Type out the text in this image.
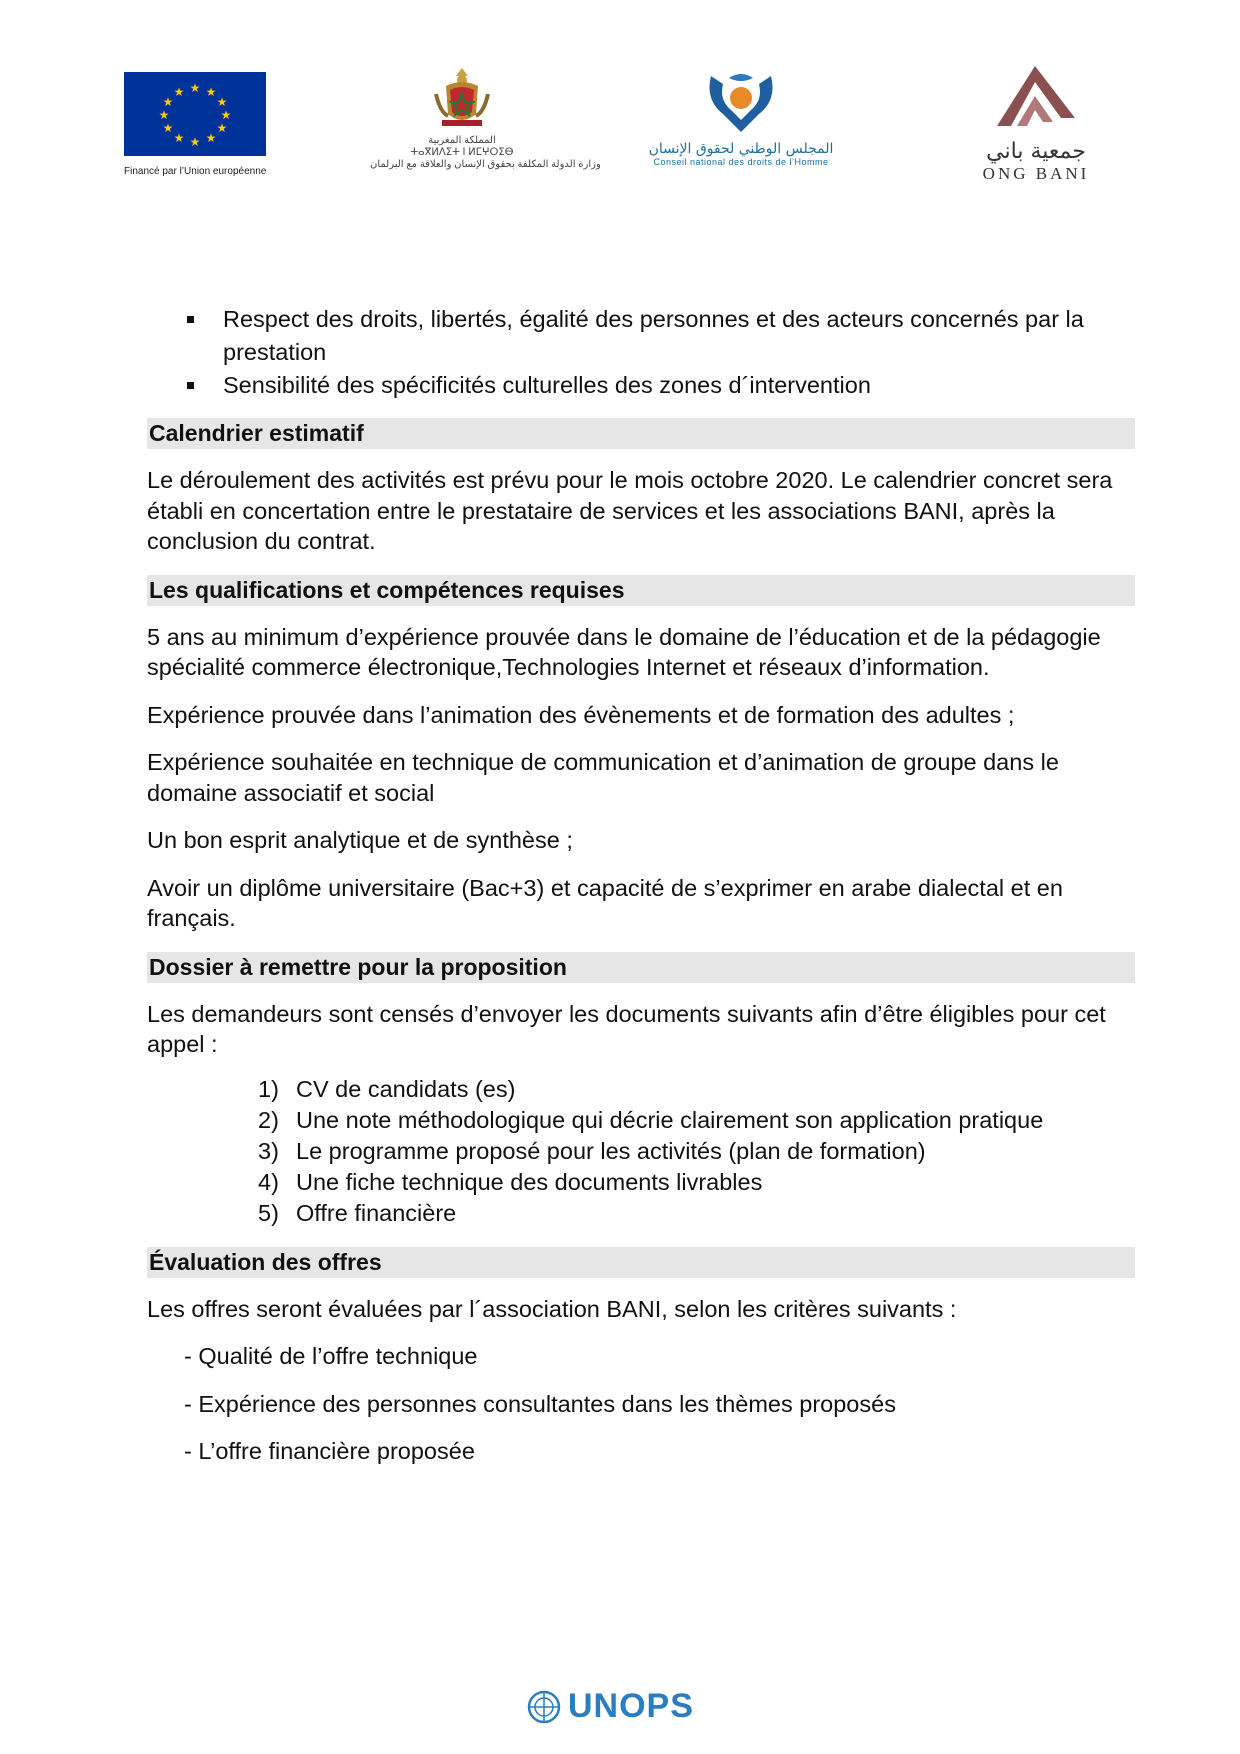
★ ★
★
★
★
★
★
★
★
★
★
★
Financé par l’Union européenne
المملكة المغربية
ⵜⴰⴳⵍⴷⵉⵜ ⵏ ⵍⵎⵖⵔⵉⴱ
وزارة الدولة المكلفة بحقوق الإنسان والعلاقة مع البرلمان
المجلس الوطني لحقوق الإنسان
Conseil national des droits de l’Homme	جمعية باني
ONG BANI
Respect des droits, libertés, égalité des personnes et des acteurs concernés par la prestation
Sensibilité des spécificités culturelles des zones d´intervention
Calendrier estimatif

Le déroulement des activités est prévu pour le mois octobre 2020. Le calendrier concret sera établi en concertation entre le prestataire de services et les associations BANI, après la conclusion du contrat.

Les qualifications et compétences requises

5 ans au minimum d’expérience prouvée dans le domaine de l’éducation et de la pédagogie spécialité commerce électronique,Technologies Internet et réseaux d’information.

Expérience prouvée dans l’animation des évènements et de formation des adultes ;

Expérience souhaitée en technique de communication et d’animation de groupe dans le domaine associatif et social

Un bon esprit analytique et de synthèse ;

Avoir un diplôme universitaire (Bac+3) et capacité de s’exprimer en arabe dialectal et en français.

Dossier à remettre pour la proposition

Les demandeurs sont censés d’envoyer les documents suivants afin d’être éligibles pour cet appel :

1) CV de candidats (es)
2) Une note méthodologique qui décrie clairement son application pratique
3) Le programme proposé pour les activités (plan de formation)
4) Une fiche technique des documents livrables
5) Offre financière
Évaluation des offres

Les offres seront évaluées par l´association BANI, selon les critères suivants :

- Qualité de l’offre technique

- Expérience des personnes consultantes dans les thèmes proposés

- L’offre financière proposée

UNOPS
